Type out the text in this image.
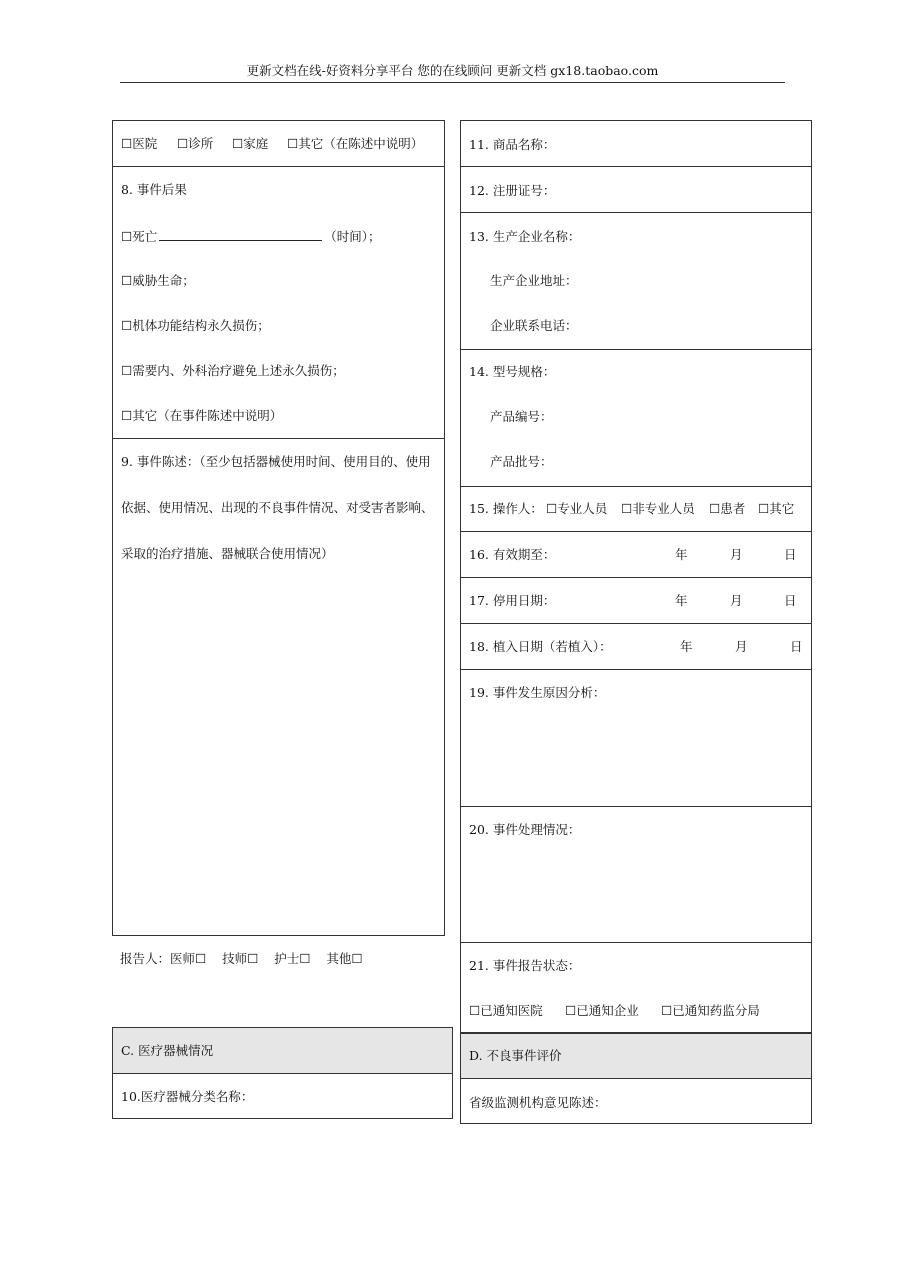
更新文档在线-好资料分享平台 您的在线顾问 更新文档 gx18.taobao.com
☐医院 ☐诊所 ☐家庭 ☐其它（在陈述中说明）
8. 事件后果
☐死亡	（时间）；
☐威胁生命；
☐机体功能结构永久损伤；
☐需要内、外科治疗避免上述永久损伤；
☐其它（在事件陈述中说明）
9. 事件陈述：（至少包括器械使用时间、使用目的、使用依据、使用情况、出现的不良事件情况、对受害者影响、采取的治疗措施、器械联合使用情况）
报告人：医师☐ 技师☐ 护士☐ 其他☐
C. 医疗器械情况
10.医疗器械分类名称：
11. 商品名称：
12. 注册证号：
13. 生产企业名称：
生产企业地址：
企业联系电话：
14. 型号规格：
产品编号：
产品批号：
15. 操作人： ☐专业人员 ☐非专业人员 ☐患者 ☐其它
16. 有效期至：	年	月	日
17. 停用日期：	年	月	日
18. 植入日期（若植入）：	年	月	日
19. 事件发生原因分析：
20. 事件处理情况：
21. 事件报告状态：
☐已通知医院 ☐已通知企业 ☐已通知药监分局
D. 不良事件评价
省级监测机构意见陈述：
